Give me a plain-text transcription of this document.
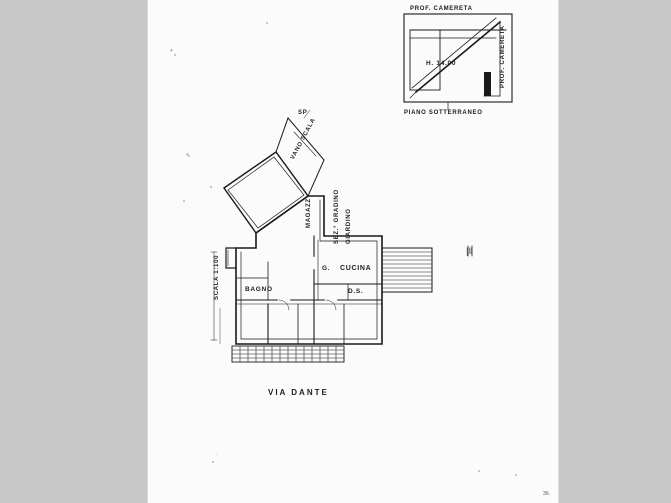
+
+
|‖
·
PROF. CAMERETA
PROF. CAMERETA
H. 14.00
PIANO SOTTERRANEO
VANO SCALA
SP
MAGAZZ	SEZ.° GRADINO GIARDINO
CUCINA
G.
BAGNO	D.S.
SCALA 1:100
VIA DANTE
36.
